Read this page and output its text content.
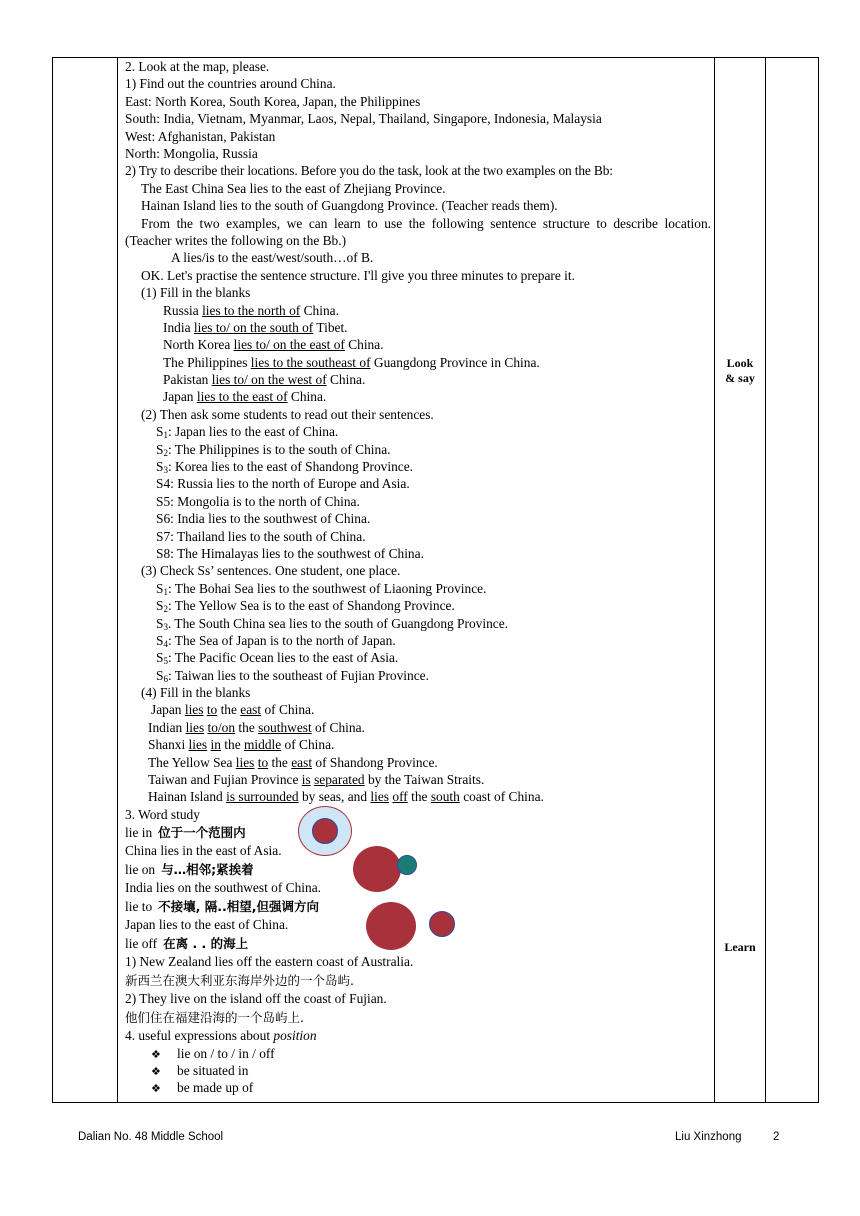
2. Look at the map, please.
1) Find out the countries around China.
East: North Korea, South Korea, Japan, the Philippines
South: India, Vietnam, Myanmar, Laos, Nepal, Thailand, Singapore, Indonesia, Malaysia
West: Afghanistan, Pakistan
North: Mongolia, Russia
2) Try to describe their locations. Before you do the task, look at the two examples on the Bb:
The East China Sea lies to the east of Zhejiang Province.
Hainan Island lies to the south of Guangdong Province. (Teacher reads them).
From the two examples, we can learn to use the following sentence structure to describe location. (Teacher writes the following on the Bb.)
A lies/is to the east/west/south…of B.
OK. Let's practise the sentence structure. I'll give you three minutes to prepare it.
(1) Fill in the blanks
Russia lies to the north of China.
India lies to/ on the south of Tibet.
North Korea lies to/ on the east of China.
The Philippines lies to the southeast of Guangdong Province in China.
Pakistan lies to/ on the west of China.
Japan lies to the east of China.
(2) Then ask some students to read out their sentences.
$S_1$: Japan lies to the east of China.
$S_2$: The Philippines is to the south of China.
$S_3$: Korea lies to the east of Shandong Province.
S4: Russia lies to the north of Europe and Asia.
S5: Mongolia is to the north of China.
S6: India lies to the southwest of China.
S7: Thailand lies to the south of China.
S8: The Himalayas lies to the southwest of China.
(3) Check Ss’ sentences. One student, one place.
$S_1$: The Bohai Sea lies to the southwest of Liaoning Province.
$S_2$: The Yellow Sea is to the east of Shandong Province.
$S_3$. The South China sea lies to the south of Guangdong Province.
$S_4$: The Sea of Japan is to the north of Japan.
$S_5$: The Pacific Ocean lies to the east of Asia.
$S_6$: Taiwan lies to the southeast of Fujian Province.
(4) Fill in the blanks
Japan lies to the east of China.
Indian lies to/on the southwest of China.
Shanxi lies in the middle of China.
The Yellow Sea lies to the east of Shandong Province.
Taiwan and Fujian Province is separated by the Taiwan Straits.
Hainan Island is surrounded by seas, and lies off the south coast of China.
3. Word study
lie in 位于一个范围内
China lies in the east of Asia.
lie on 与…相邻;紧挨着
India lies on the southwest of China.
lie to 不接壤, 隔..相望,但强调方向
Japan lies to the east of China.
lie off 在离 . . 的海上
1) New Zealand lies off the eastern coast of Australia.
新西兰在澳大利亚东海岸外边的一个岛屿.
2) They live on the island off the coast of Fujian.
他们住在福建沿海的一个岛屿上.
4. useful expressions about position
❖ lie on / to / in / off
❖ be situated in
❖ be made up of
Look
& say
Learn
Dalian No. 48 Middle School	Liu Xinzhong	2
